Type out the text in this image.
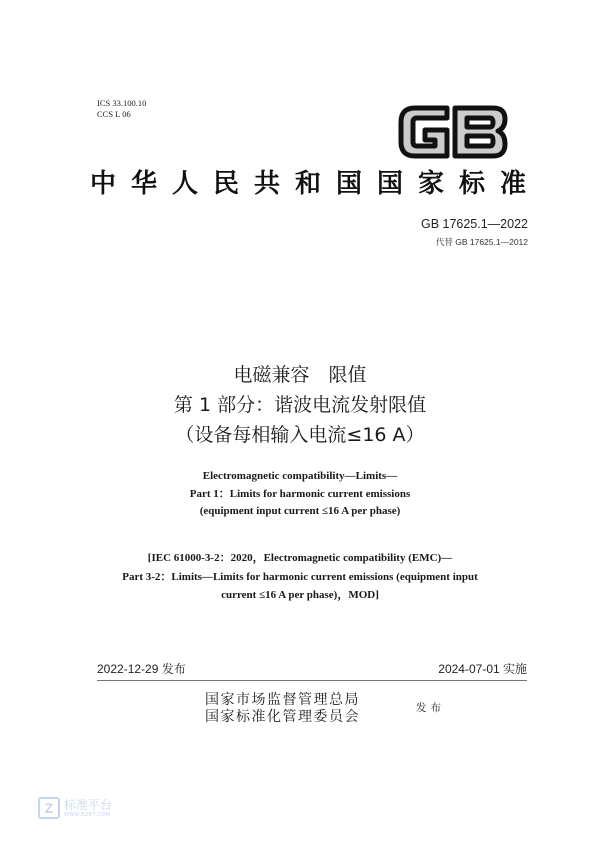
ICS 33.100.10
CCS L 06
中华人民共和国国家标准
GB 17625.1—2022
代替 GB 17625.1—2012
电磁兼容　限值
第 1 部分：谐波电流发射限值
（设备每相输入电流≤16 A）
Electromagnetic compatibility—Limits—
Part 1：Limits for harmonic current emissions
(equipment input current ≤16 A per phase)
[IEC 61000-3-2：2020，Electromagnetic compatibility (EMC)—
Part 3-2：Limits—Limits for harmonic current emissions (equipment input
current ≤16 A per phase)，MOD]
2022-12-29 发布	2024-07-01 实施
国家市场监督管理总局
国家标准化管理委员会
发布
Z 标准平台
WWW.BZPT.COM
